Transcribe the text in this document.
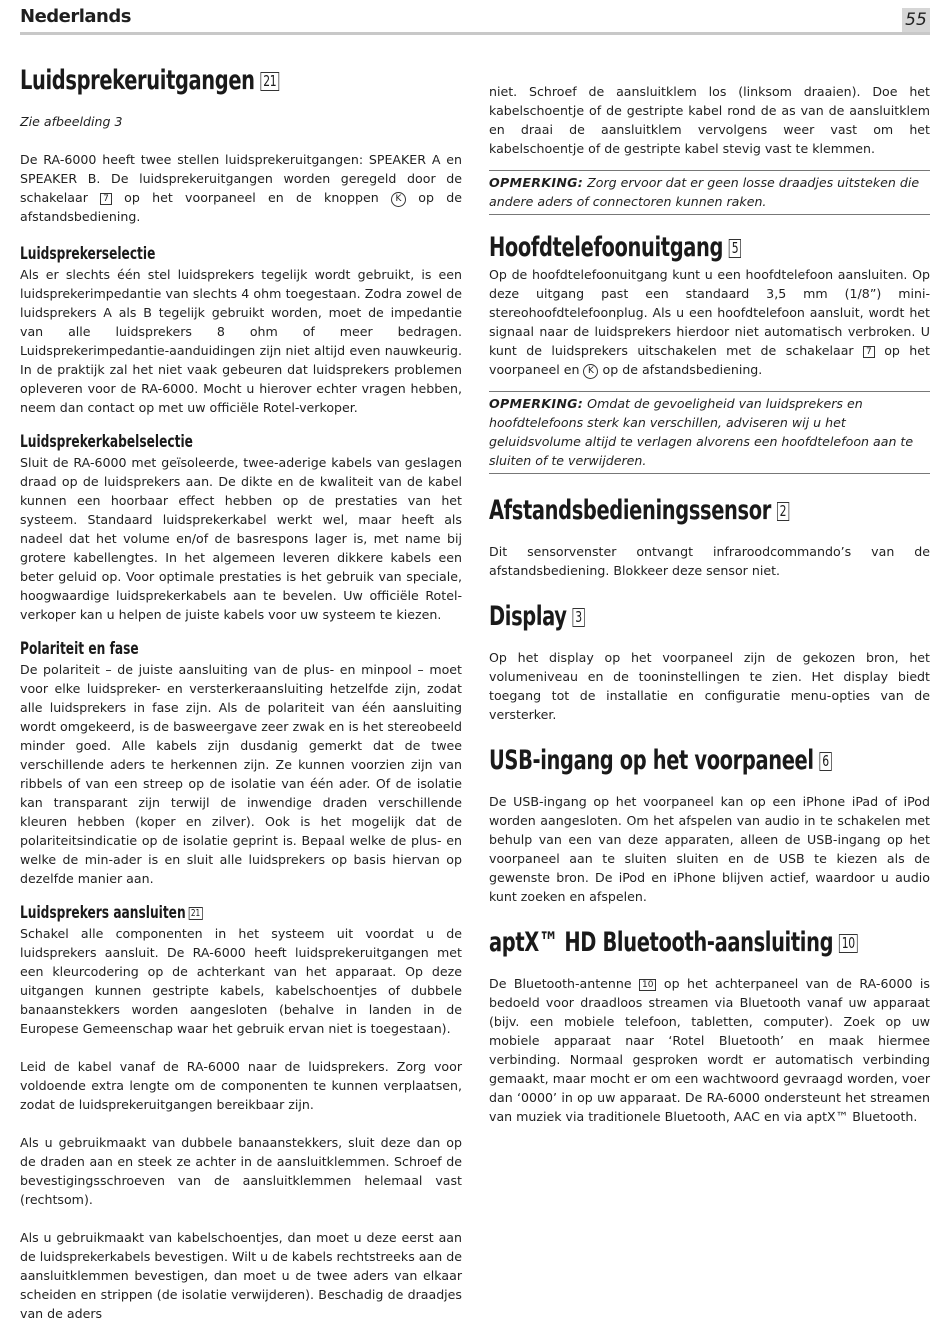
Nederlands	55
Luidsprekeruitgangen 21

Zie afbeelding 3

De RA-6000 heeft twee stellen luidsprekeruitgangen: SPEAKER A en SPEAKER B. De luidsprekeruitgangen worden geregeld door de schakelaar 7 op het voorpaneel en de knoppen K op de afstandsbediening.

Luidsprekerselectie

Als er slechts één stel luidsprekers tegelijk wordt gebruikt, is een luidsprekerimpedantie van slechts 4 ohm toegestaan. Zodra zowel de luidsprekers A als B tegelijk gebruikt worden, moet de impedantie van alle luidsprekers 8 ohm of meer bedragen. Luidsprekerimpedantie-aanduidingen zijn niet altijd even nauwkeurig. In de praktijk zal het niet vaak gebeuren dat luidsprekers problemen opleveren voor de RA-6000. Mocht u hierover echter vragen hebben, neem dan contact op met uw officiële Rotel-verkoper.

Luidsprekerkabelselectie

Sluit de RA-6000 met geïsoleerde, twee-aderige kabels van geslagen draad op de luidsprekers aan. De dikte en de kwaliteit van de kabel kunnen een hoorbaar effect hebben op de prestaties van het systeem. Standaard luidsprekerkabel werkt wel, maar heeft als nadeel dat het volume en/of de basrespons lager is, met name bij grotere kabellengtes. In het algemeen leveren dikkere kabels een beter geluid op. Voor optimale prestaties is het gebruik van speciale, hoogwaardige luidsprekerkabels aan te bevelen. Uw officiële Rotel-verkoper kan u helpen de juiste kabels voor uw systeem te kiezen.

Polariteit en fase

De polariteit – de juiste aansluiting van de plus- en minpool – moet voor elke luidspreker- en versterkeraansluiting hetzelfde zijn, zodat alle luidsprekers in fase zijn. Als de polariteit van één aansluiting wordt omgekeerd, is de basweergave zeer zwak en is het stereobeeld minder goed. Alle kabels zijn dusdanig gemerkt dat de twee verschillende aders te herkennen zijn. Ze kunnen voorzien zijn van ribbels of van een streep op de isolatie van één ader. Of de isolatie kan transparant zijn terwijl de inwendige draden verschillende kleuren hebben (koper en zilver). Ook is het mogelijk dat de polariteitsindicatie op de isolatie geprint is. Bepaal welke de plus- en welke de min-ader is en sluit alle luidsprekers op basis hiervan op dezelfde manier aan.

Luidsprekers aansluiten 21

Schakel alle componenten in het systeem uit voordat u de luidsprekers aansluit. De RA-6000 heeft luidsprekeruitgangen met een kleurcodering op de achterkant van het apparaat. Op deze uitgangen kunnen gestripte kabels, kabelschoentjes of dubbele banaanstekkers worden aangesloten (behalve in landen in de Europese Gemeenschap waar het gebruik ervan niet is toegestaan).

Leid de kabel vanaf de RA-6000 naar de luidsprekers. Zorg voor voldoende extra lengte om de componenten te kunnen verplaatsen, zodat de luidsprekeruitgangen bereikbaar zijn.

Als u gebruikmaakt van dubbele banaanstekkers, sluit deze dan op de draden aan en steek ze achter in de aansluitklemmen. Schroef de bevestigingsschroeven van de aansluitklemmen helemaal vast (rechtsom).

Als u gebruikmaakt van kabelschoentjes, dan moet u deze eerst aan de luidsprekerkabels bevestigen. Wilt u de kabels rechtstreeks aan de aansluitklemmen bevestigen, dan moet u de twee aders van elkaar scheiden en strippen (de isolatie verwijderen). Beschadig de draadjes van de aders

niet. Schroef de aansluitklem los (linksom draaien). Doe het kabelschoentje of de gestripte kabel rond de as van de aansluitklem en draai de aansluitklem vervolgens weer vast om het kabelschoentje of de gestripte kabel stevig vast te klemmen.

OPMERKING: Zorg ervoor dat er geen losse draadjes uitsteken die andere aders of connectoren kunnen raken.
Hoofdtelefoonuitgang 5

Op de hoofdtelefoonuitgang kunt u een hoofdtelefoon aansluiten. Op deze uitgang past een standaard 3,5 mm (1/8”) mini-stereohoofdtelefoonplug. Als u een hoofdtelefoon aansluit, wordt het signaal naar de luidsprekers hierdoor niet automatisch verbroken. U kunt de luidsprekers uitschakelen met de schakelaar 7 op het voorpaneel en K op de afstandsbediening.

OPMERKING: Omdat de gevoeligheid van luidsprekers en hoofdtelefoons sterk kan verschillen, adviseren wij u het geluidsvolume altijd te verlagen alvorens een hoofdtelefoon aan te sluiten of te verwijderen.
Afstandsbedieningssensor 2

Dit sensorvenster ontvangt infraroodcommando’s van de afstandsbediening. Blokkeer deze sensor niet.

Display 3

Op het display op het voorpaneel zijn de gekozen bron, het volumeniveau en de tooninstellingen te zien. Het display biedt toegang tot de installatie en configuratie menu-opties van de versterker.

USB-ingang op het voorpaneel 6

De USB-ingang op het voorpaneel kan op een iPhone iPad of iPod worden aangesloten. Om het afspelen van audio in te schakelen met behulp van een van deze apparaten, alleen de USB-ingang op het voorpaneel aan te sluiten sluiten en de USB te kiezen als de gewenste bron. De iPod en iPhone blijven actief, waardoor u audio kunt zoeken en afspelen.

aptX™ HD Bluetooth-aansluiting 10

De Bluetooth-antenne 10 op het achterpaneel van de RA-6000 is bedoeld voor draadloos streamen via Bluetooth vanaf uw apparaat (bijv. een mobiele telefoon, tabletten, computer). Zoek op uw mobiele apparaat naar ‘Rotel Bluetooth’ en maak hiermee verbinding. Normaal gesproken wordt er automatisch verbinding gemaakt, maar mocht er om een wachtwoord gevraagd worden, voer dan ‘0000’ in op uw apparaat. De RA-6000 ondersteunt het streamen van muziek via traditionele Bluetooth, AAC en via aptX™ Bluetooth.
